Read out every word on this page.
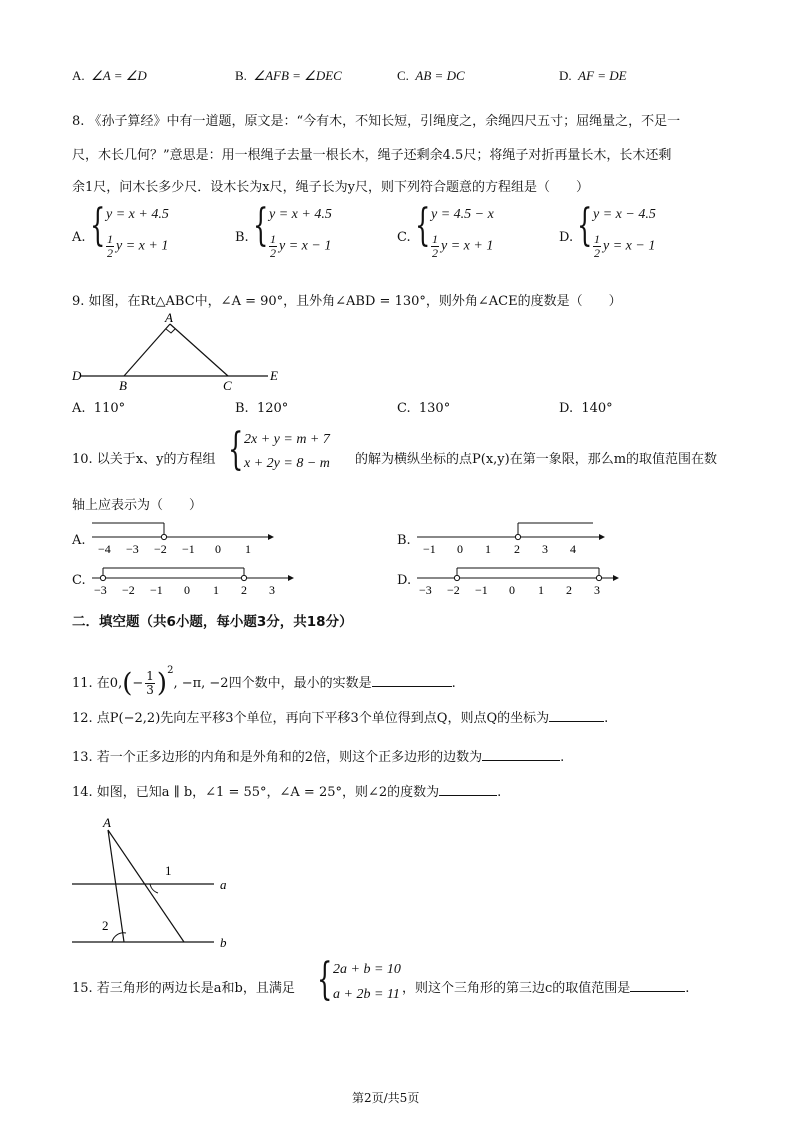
A. ∠A = ∠D	B. ∠AFB = ∠DEC	C. AB = DC	D. AF = DE
8. 《孙子算经》中有一道题，原文是：“今有木，不知长短，引绳度之，余绳四尺五寸；屈绳量之，不足一
尺，木长几何？”意思是：用一根绳子去量一根长木，绳子还剩余4.5尺；将绳子对折再量长木，长木还剩
余1尺，问木长多少尺．设木长为x尺，绳子长为y尺，则下列符合题意的方程组是（　　）
A. { y = x + 4.5
$\frac{1}{2}$ y = x + 1
B. { y = x + 4.5
$\frac{1}{2}$ y = x − 1
C. { y = 4.5 − x
$\frac{1}{2}$ y = x + 1
D. { y = x − 4.5
$\frac{1}{2}$ y = x − 1
9. 如图，在Rt△ABC中，∠A = 90°，且外角∠ABD = 130°，则外角∠ACE的度数是（　　）
A
D
B	C
E
A. 110°	B. 120°	C. 130°	D. 140°
10. 以关于x、y的方程组 { 2x + y = m + 7
x + 2y = 8 − m 的解为横纵坐标的点P(x,y)在第一象限，那么m的取值范围在数
轴上应表示为（　　）
A.
−4 −3 −2 −1 0 1
B.
−1 0 1 2 3 4
C.
−3 −2 −1 0 1 2 3
D.
−3 −2 −1 0 1 2 3
二．填空题（共6小题，每小题3分，共18分）
11. 在$0,(- \frac{1}{3} )^2$, −π, −2四个数中，最小的实数是	.
12. 点P(−2,2)先向左平移3个单位，再向下平移3个单位得到点Q，则点Q的坐标为	.
13. 若一个正多边形的内角和是外角和的2倍，则这个正多边形的边数为	.
14. 如图，已知a ∥ b，∠1 = 55°，∠A = 25°，则∠2的度数为	.
A
a
b
1
2
15. 若三角形的两边长是a和b，且满足 { 2a + b = 10
a + 2b = 11 ，则这个三角形的第三边c的取值范围是	.
第2页/共5页
